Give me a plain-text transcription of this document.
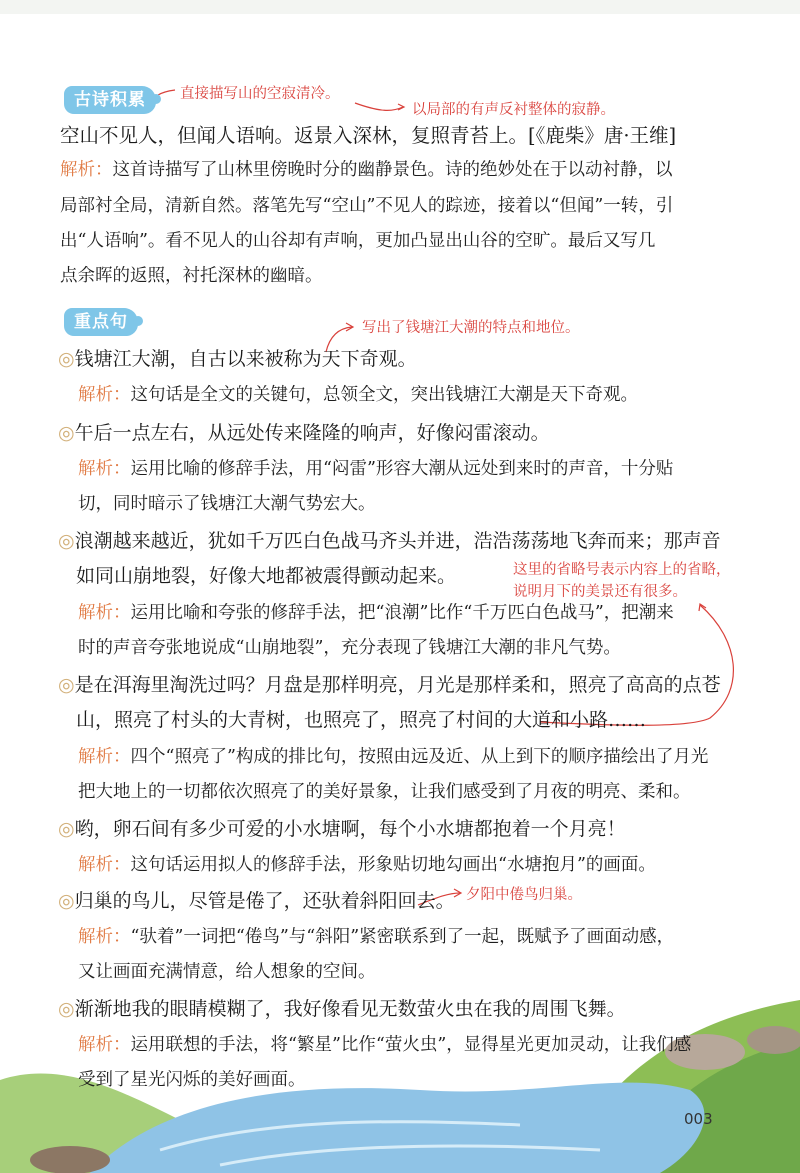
古诗积累	直接描写山的空寂清冷。
以局部的有声反衬整体的寂静。
空山不见人，但闻人语响。返景入深林，复照青苔上。[《鹿柴》唐·王维]
解析：这首诗描写了山林里傍晚时分的幽静景色。诗的绝妙处在于以动衬静，以
局部衬全局，清新自然。落笔先写“空山”不见人的踪迹，接着以“但闻”一转，引
出“人语响”。看不见人的山谷却有声响，更加凸显出山谷的空旷。最后又写几
点余晖的返照，衬托深林的幽暗。
重点句	写出了钱塘江大潮的特点和地位。
◎钱塘江大潮，自古以来被称为天下奇观。
解析：这句话是全文的关键句，总领全文，突出钱塘江大潮是天下奇观。
◎午后一点左右，从远处传来隆隆的响声，好像闷雷滚动。
解析：运用比喻的修辞手法，用“闷雷”形容大潮从远处到来时的声音，十分贴
切，同时暗示了钱塘江大潮气势宏大。
◎浪潮越来越近，犹如千万匹白色战马齐头并进，浩浩荡荡地飞奔而来；那声音
如同山崩地裂，好像大地都被震得颤动起来。	这里的省略号表示内容上的省略，
说明月下的美景还有很多。
解析：运用比喻和夸张的修辞手法，把“浪潮”比作“千万匹白色战马”，把潮来
时的声音夸张地说成“山崩地裂”，充分表现了钱塘江大潮的非凡气势。
◎是在洱海里淘洗过吗？月盘是那样明亮，月光是那样柔和，照亮了高高的点苍
山，照亮了村头的大青树，也照亮了，照亮了村间的大道和小路……
解析：四个“照亮了”构成的排比句，按照由远及近、从上到下的顺序描绘出了月光
把大地上的一切都依次照亮了的美好景象，让我们感受到了月夜的明亮、柔和。
◎哟，卵石间有多少可爱的小水塘啊，每个小水塘都抱着一个月亮！
解析：这句话运用拟人的修辞手法，形象贴切地勾画出“水塘抱月”的画面。
◎归巢的鸟儿，尽管是倦了，还驮着斜阳回去。 夕阳中倦鸟归巢。
解析：“驮着”一词把“倦鸟”与“斜阳”紧密联系到了一起，既赋予了画面动感，
又让画面充满情意，给人想象的空间。
◎渐渐地我的眼睛模糊了，我好像看见无数萤火虫在我的周围飞舞。
解析：运用联想的手法，将“繁星”比作“萤火虫”，显得星光更加灵动，让我们感
受到了星光闪烁的美好画面。
003
